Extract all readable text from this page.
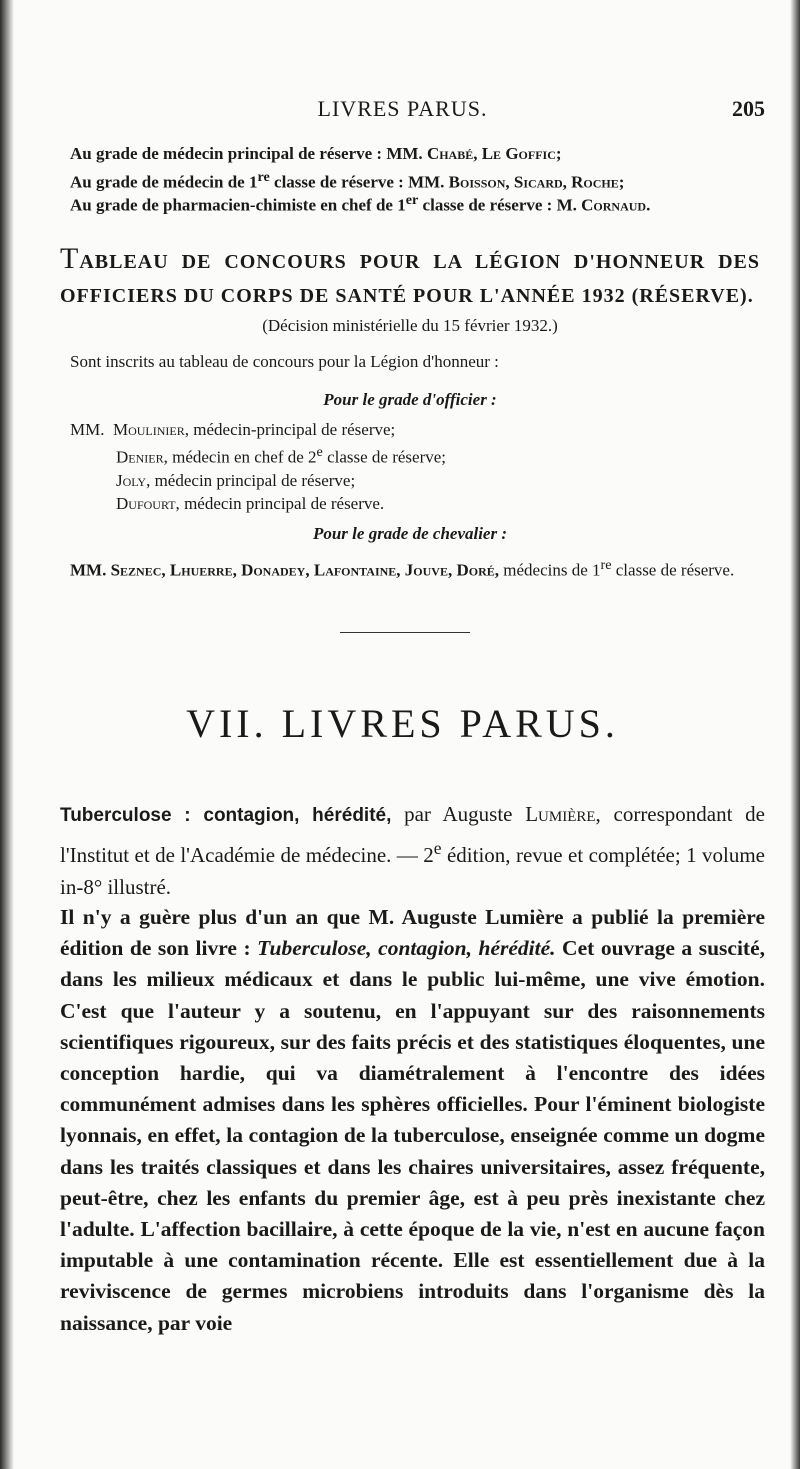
LIVRES PARUS.	205
Au grade de médecin principal de réserve : MM. Chabé, Le Goffic;
Au grade de médecin de 1re classe de réserve : MM. Boisson, Sicard, Roche;
Au grade de pharmacien-chimiste en chef de 1er classe de réserve : M. Cornaud.
TABLEAU DE CONCOURS POUR LA LÉGION D'HONNEUR DES OFFICIERS DU CORPS DE SANTÉ POUR L'ANNÉE 1932 (RÉSERVE).
(Décision ministérielle du 15 février 1932.)
Sont inscrits au tableau de concours pour la Légion d'honneur :
Pour le grade d'officier :
MM. Moulinier, médecin-principal de réserve;
Denier, médecin en chef de 2e classe de réserve;
Joly, médecin principal de réserve;
Dufourt, médecin principal de réserve.
Pour le grade de chevalier :
MM. Seznec, Lhuerre, Donadey, Lafontaine, Jouve, Doré, médecins de 1re classe de réserve.
VII. LIVRES PARUS.
Tuberculose : contagion, hérédité, par Auguste Lumière, correspondant de l'Institut et de l'Académie de médecine. — 2e édition, revue et complétée; 1 volume in-8° illustré.
Il n'y a guère plus d'un an que M. Auguste Lumière a publié la première édition de son livre : Tuberculose, contagion, hérédité. Cet ouvrage a suscité, dans les milieux médicaux et dans le public lui-même, une vive émotion. C'est que l'auteur y a soutenu, en l'appuyant sur des raisonnements scientifiques rigoureux, sur des faits précis et des statistiques éloquentes, une conception hardie, qui va diamétralement à l'encontre des idées communément admises dans les sphères officielles. Pour l'éminent biologiste lyonnais, en effet, la contagion de la tuberculose, enseignée comme un dogme dans les traités classiques et dans les chaires universitaires, assez fréquente, peut-être, chez les enfants du premier âge, est à peu près inexistante chez l'adulte. L'affection bacillaire, à cette époque de la vie, n'est en aucune façon imputable à une contamination récente. Elle est essentiellement due à la reviviscence de germes microbiens introduits dans l'organisme dès la naissance, par voie
